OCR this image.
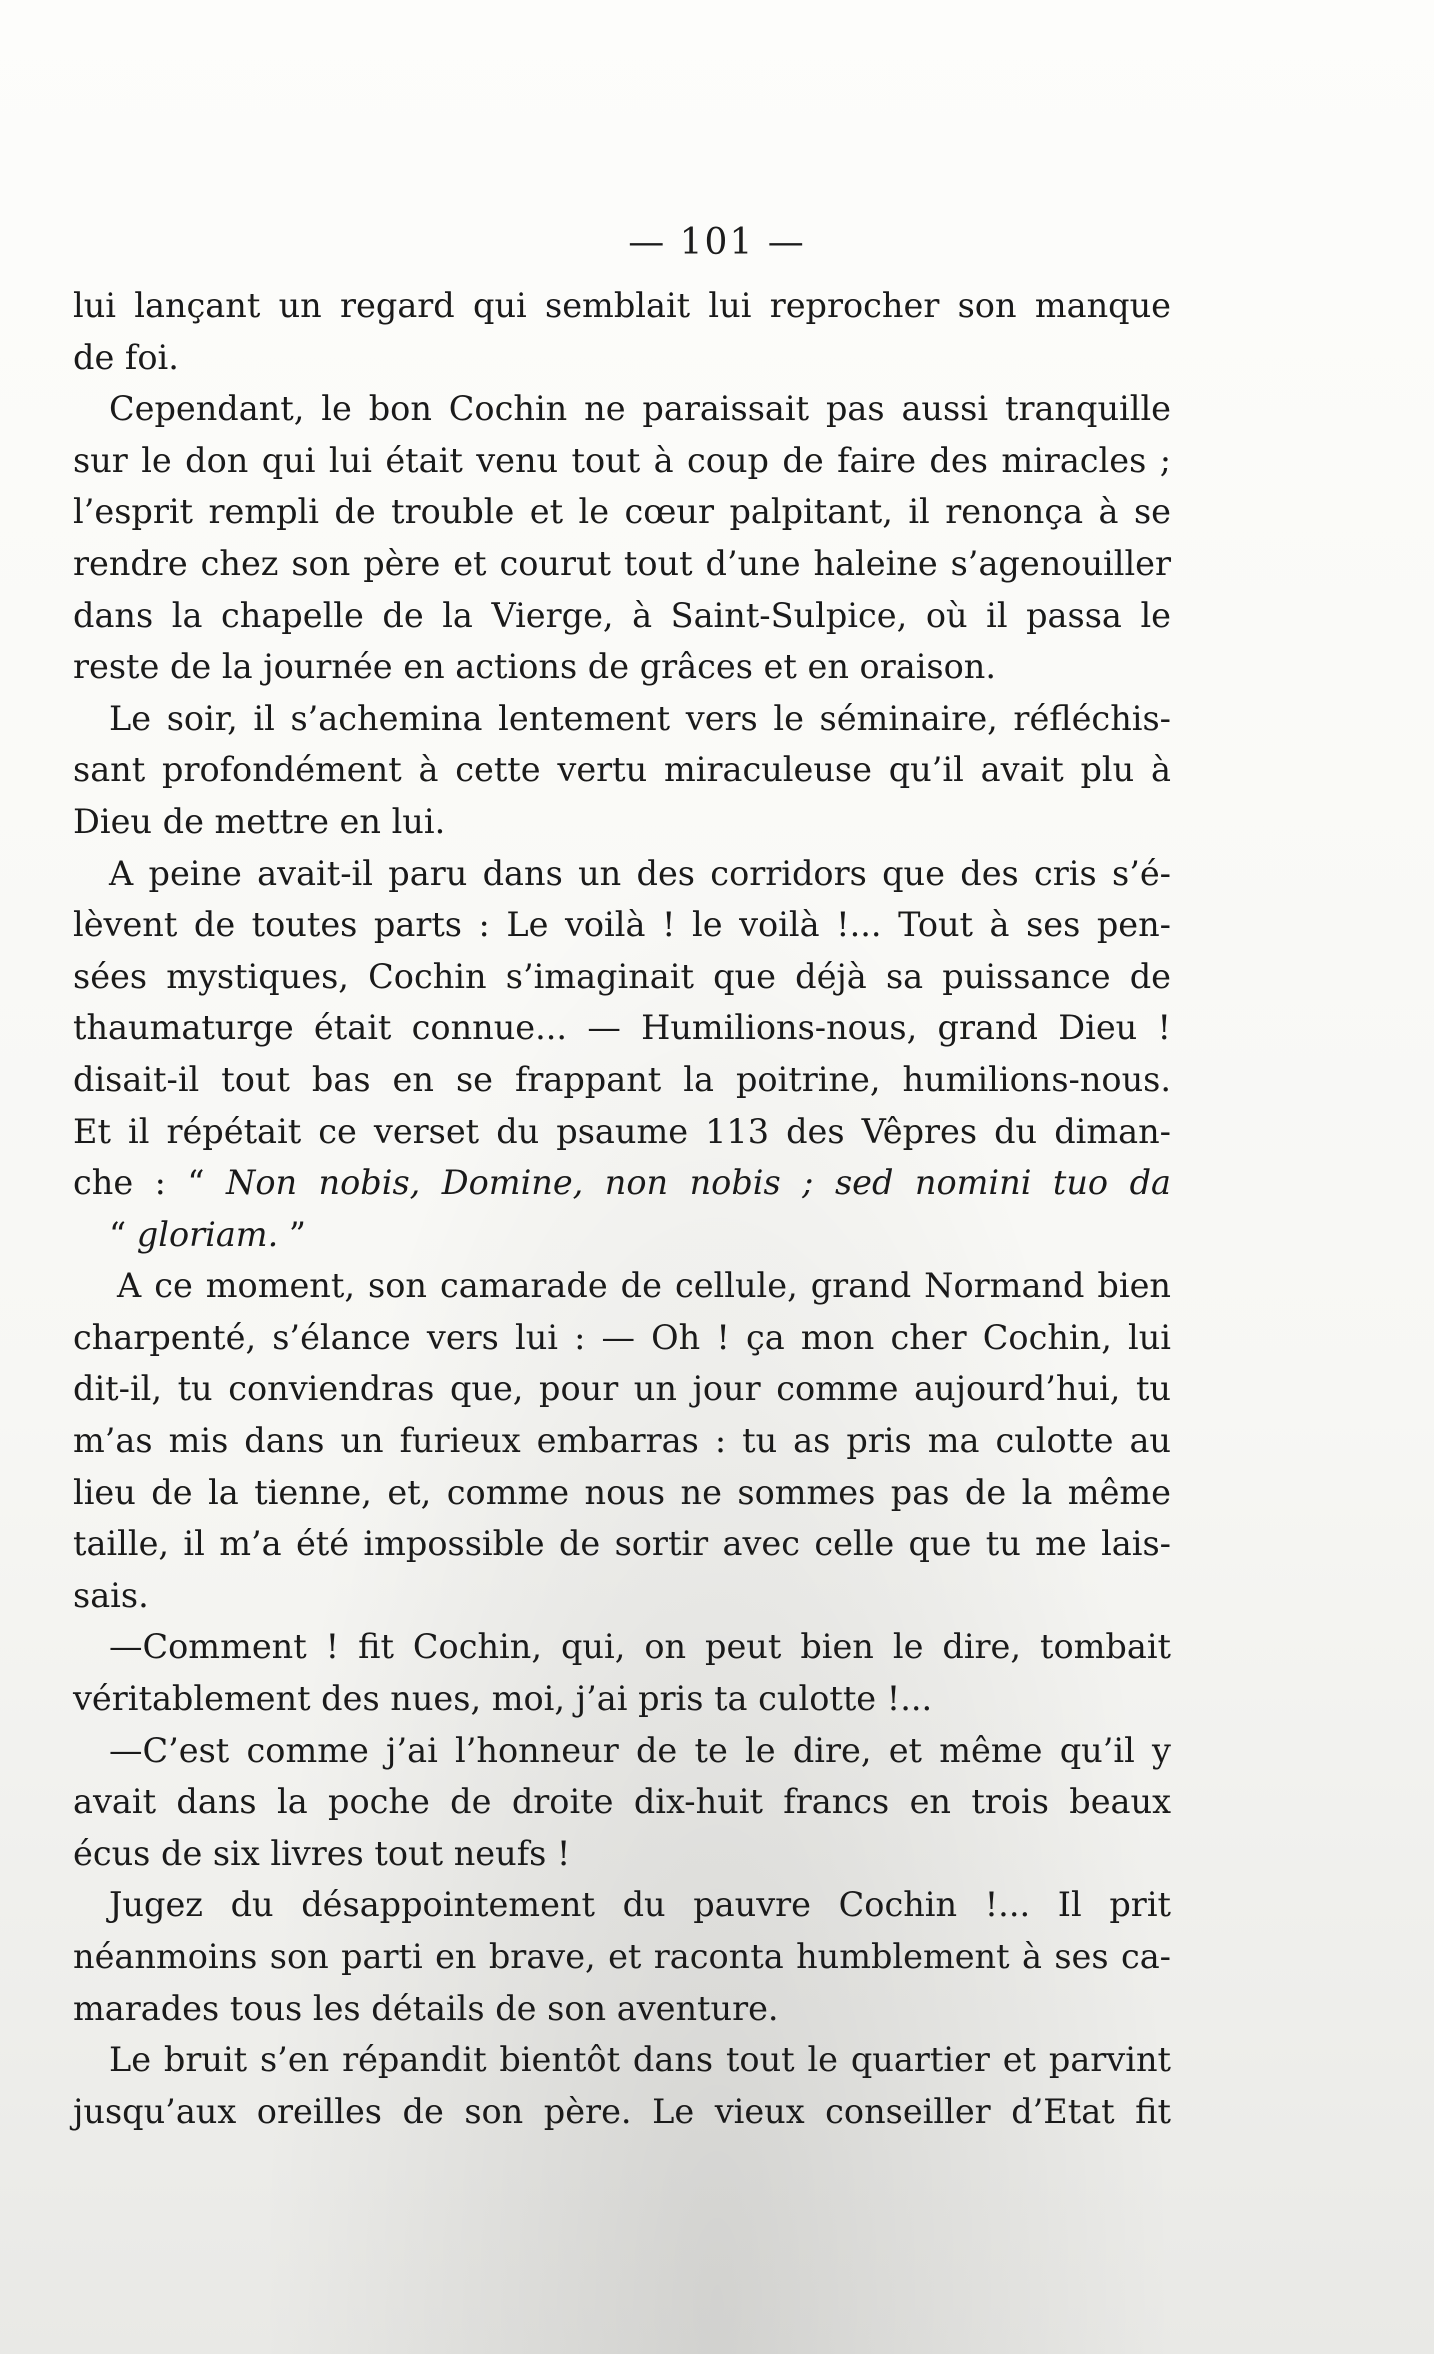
— 101 —
lui lançant un regard qui semblait lui reprocher son manque
de foi.
Cependant, le bon Cochin ne paraissait pas aussi tranquille
sur le don qui lui était venu tout à coup de faire des miracles ;
l’esprit rempli de trouble et le cœur palpitant, il renonça à se
rendre chez son père et courut tout d’une haleine s’agenouiller
dans la chapelle de la Vierge, à Saint-Sulpice, où il passa le
reste de la journée en actions de grâces et en oraison.
Le soir, il s’achemina lentement vers le séminaire, réfléchis-
sant profondément à cette vertu miraculeuse qu’il avait plu à
Dieu de mettre en lui.
A peine avait-il paru dans un des corridors que des cris s’é-
lèvent de toutes parts : Le voilà ! le voilà !... Tout à ses pen-
sées mystiques, Cochin s’imaginait que déjà sa puissance de
thaumaturge était connue... — Humilions-nous, grand Dieu !
disait-il tout bas en se frappant la poitrine, humilions-nous.
Et il répétait ce verset du psaume 113 des Vêpres du diman-
che : “ Non nobis, Domine, non nobis ; sed nomini tuo da
“ gloriam. ”
A ce moment, son camarade de cellule, grand Normand bien
charpenté, s’élance vers lui : — Oh ! ça mon cher Cochin, lui
dit-il, tu conviendras que, pour un jour comme aujourd’hui, tu
m’as mis dans un furieux embarras : tu as pris ma culotte au
lieu de la tienne, et, comme nous ne sommes pas de la même
taille, il m’a été impossible de sortir avec celle que tu me lais-
sais.
—Comment ! fit Cochin, qui, on peut bien le dire, tombait
véritablement des nues, moi, j’ai pris ta culotte !...
—C’est comme j’ai l’honneur de te le dire, et même qu’il y
avait dans la poche de droite dix-huit francs en trois beaux
écus de six livres tout neufs !
Jugez du désappointement du pauvre Cochin !... Il prit
néanmoins son parti en brave, et raconta humblement à ses ca-
marades tous les détails de son aventure.
Le bruit s’en répandit bientôt dans tout le quartier et parvint
jusqu’aux oreilles de son père. Le vieux conseiller d’Etat fit
